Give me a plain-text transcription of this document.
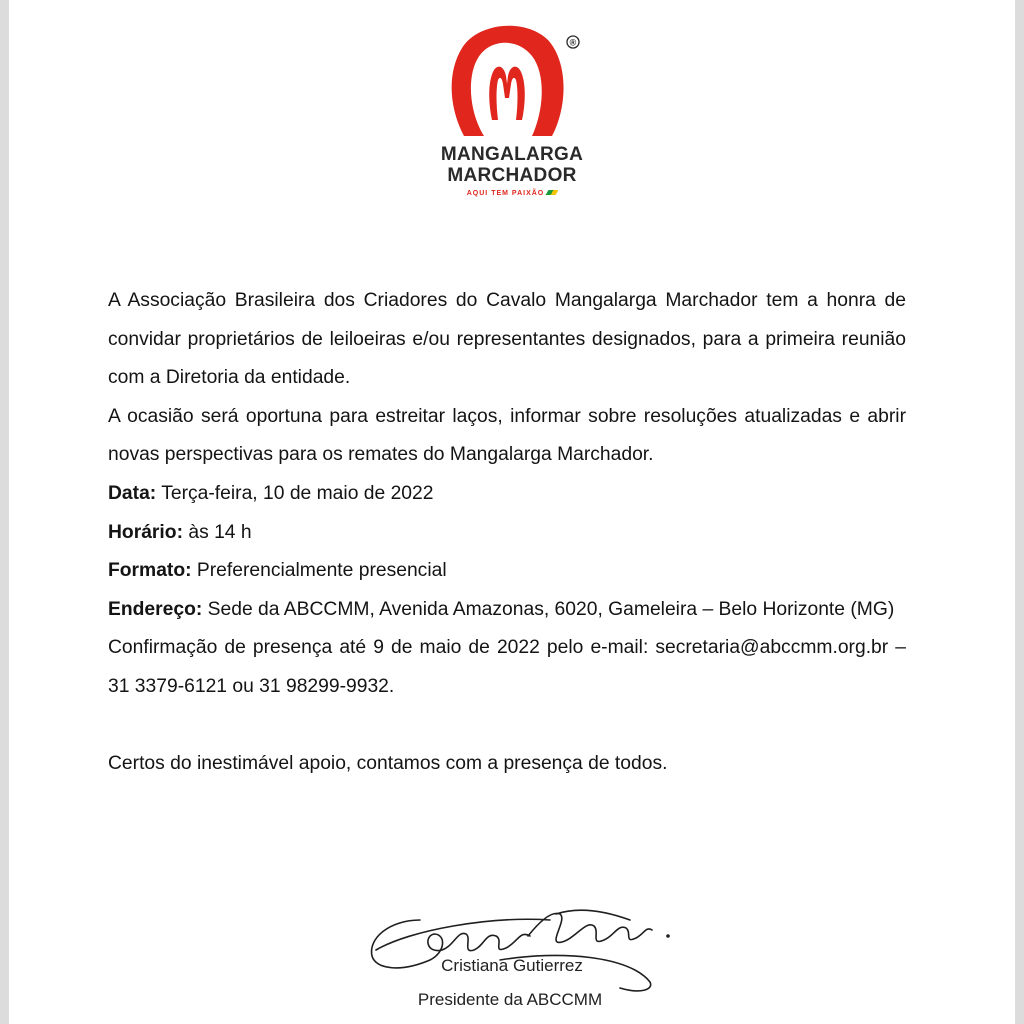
®
MANGALARGA
MARCHADOR
AQUI TEM PAIXÃO

A Associação Brasileira dos Criadores do Cavalo Mangalarga Marchador tem a honra de convidar proprietários de leiloeiras e/ou representantes designados, para a primeira reunião com a Diretoria da entidade.

A ocasião será oportuna para estreitar laços, informar sobre resoluções atualizadas e abrir novas perspectivas para os remates do Mangalarga Marchador.

Data: Terça-feira, 10 de maio de 2022

Horário: às 14 h

Formato: Preferencialmente presencial

Endereço: Sede da ABCCMM, Avenida Amazonas, 6020, Gameleira – Belo Horizonte (MG)

Confirmação de presença até 9 de maio de 2022 pelo e-mail: secretaria@abccmm.org.br – 31 3379-6121 ou 31 98299-9932.

Certos do inestimável apoio, contamos com a presença de todos.

Cristiana Gutierrez
Presidente da ABCCMM
